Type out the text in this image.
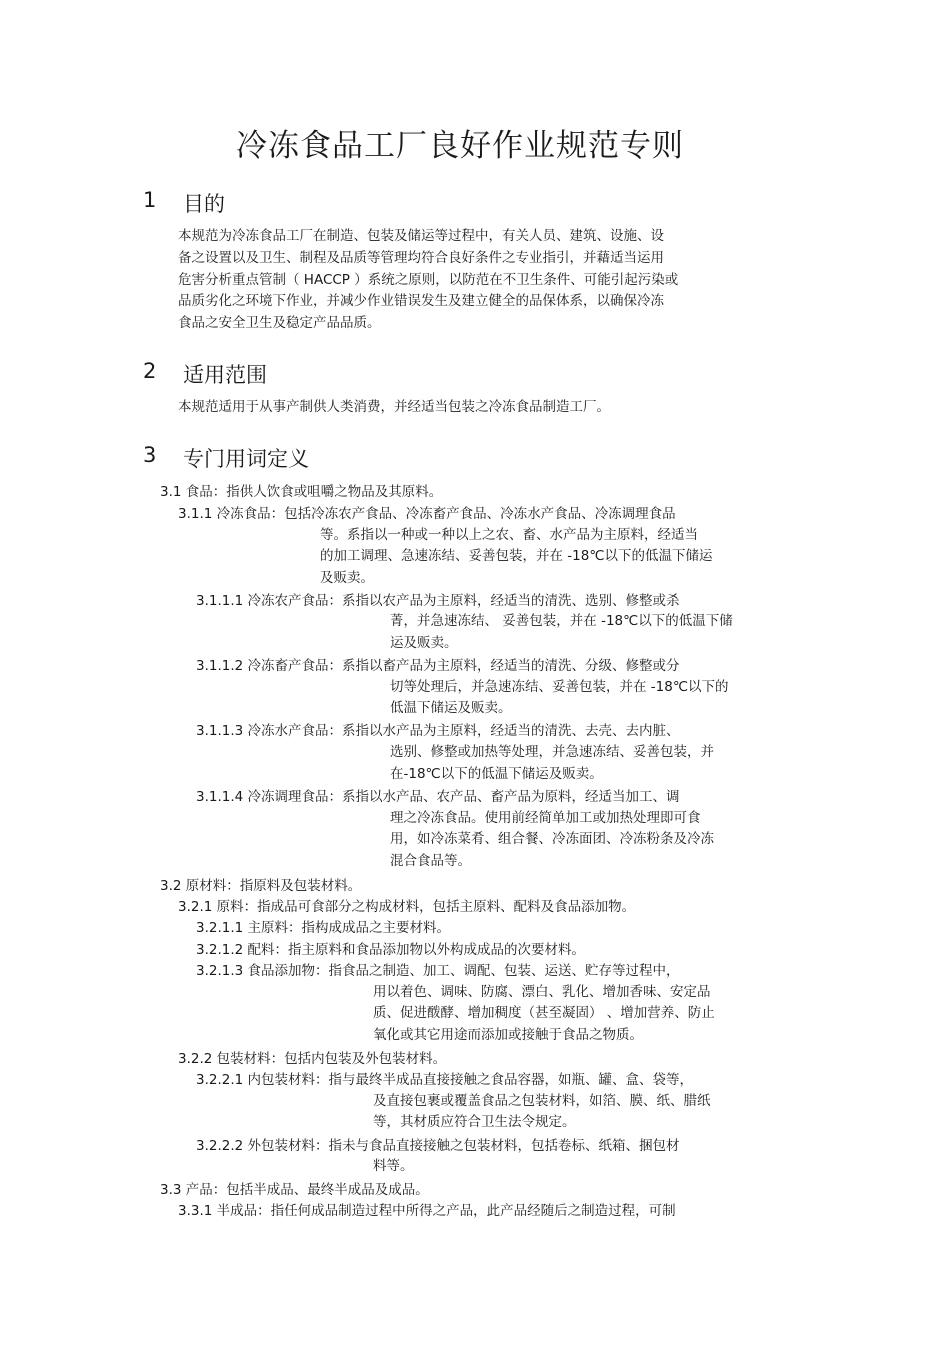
冷冻食品工厂良好作业规范专则
1 目的
本规范为冷冻食品工厂在制造、包装及储运等过程中，有关人员、建筑、设施、设
备之设置以及卫生、制程及品质等管理均符合良好条件之专业指引，并藉适当运用
危害分析重点管制（ HACCP ）系统之原则，以防范在不卫生条件、可能引起污染或
品质劣化之环境下作业，并减少作业错误发生及建立健全的品保体系，以确保冷冻
食品之安全卫生及稳定产品品质。
2 适用范围
本规范适用于从事产制供人类消费，并经适当包装之冷冻食品制造工厂。
3 专门用词定义
3.1 食品：指供人饮食或咀嚼之物品及其原料。
3.1.1 冷冻食品：包括冷冻农产食品、冷冻畜产食品、冷冻水产食品、冷冻调理食品
等。系指以一种或一种以上之农、畜、水产品为主原料，经适当
的加工调理、急速冻结、妥善包装，并在 -18℃以下的低温下储运
及贩卖。
3.1.1.1 冷冻农产食品：系指以农产品为主原料，经适当的清洗、选别、修整或杀
菁，并急速冻结、 妥善包装，并在 -18℃以下的低温下储
运及贩卖。
3.1.1.2 冷冻畜产食品：系指以畜产品为主原料，经适当的清洗、分级、修整或分
切等处理后，并急速冻结、妥善包装，并在 -18℃以下的
低温下储运及贩卖。
3.1.1.3 冷冻水产食品：系指以水产品为主原料，经适当的清洗、去壳、去内脏、
选别、修整或加热等处理，并急速冻结、妥善包装，并
在-18℃以下的低温下储运及贩卖。
3.1.1.4 冷冻调理食品：系指以水产品、农产品、畜产品为原料，经适当加工、调
理之冷冻食品。使用前经简单加工或加热处理即可食
用，如冷冻菜肴、组合餐、冷冻面团、冷冻粉条及冷冻
混合食品等。
3.2 原材料：指原料及包装材料。
3.2.1 原料：指成品可食部分之构成材料，包括主原料、配料及食品添加物。
3.2.1.1 主原料：指构成成品之主要材料。
3.2.1.2 配料：指主原料和食品添加物以外构成成品的次要材料。
3.2.1.3 食品添加物：指食品之制造、加工、调配、包装、运送、贮存等过程中，
用以着色、调味、防腐、漂白、乳化、增加香味、安定品
质、促进酦酵、增加稠度（甚至凝固） 、增加营养、防止
氧化或其它用途而添加或接触于食品之物质。
3.2.2 包装材料：包括内包装及外包装材料。
3.2.2.1 内包装材料：指与最终半成品直接接触之食品容器，如瓶、罐、盒、袋等，
及直接包裹或覆盖食品之包装材料，如箔、膜、纸、腊纸
等，其材质应符合卫生法令规定。
3.2.2.2 外包装材料：指未与食品直接接触之包装材料，包括卷标、纸箱、捆包材
料等。
3.3 产品：包括半成品、最终半成品及成品。
3.3.1 半成品：指任何成品制造过程中所得之产品，此产品经随后之制造过程，可制
